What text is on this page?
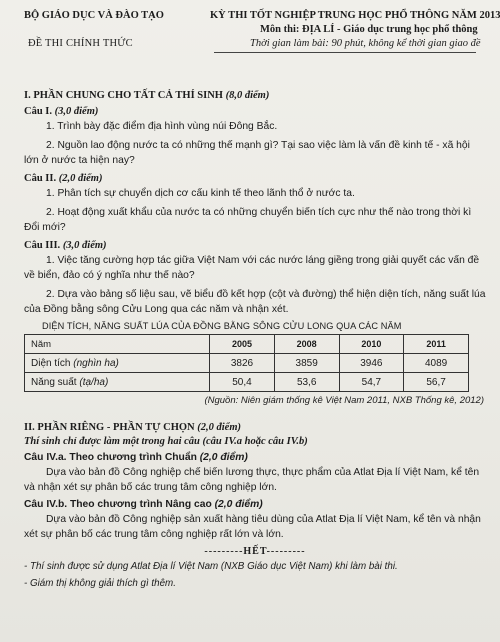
BỘ GIÁO DỤC VÀ ĐÀO TẠO
ĐỀ THI CHÍNH THỨC
KỲ THI TỐT NGHIỆP TRUNG HỌC PHỔ THÔNG NĂM 2013
Môn thi: ĐỊA LÍ - Giáo dục trung học phổ thông
Thời gian làm bài: 90 phút, không kể thời gian giao đề
I. PHẦN CHUNG CHO TẤT CẢ THÍ SINH (8,0 điểm)
Câu I. (3,0 điểm)
1. Trình bày đặc điểm địa hình vùng núi Đông Bắc.
2. Nguồn lao động nước ta có những thế mạnh gì? Tại sao việc làm là vấn đề kinh tế - xã hội lớn ở nước ta hiện nay?
Câu II. (2,0 điểm)
1. Phân tích sự chuyển dịch cơ cấu kinh tế theo lãnh thổ ở nước ta.
2. Hoạt động xuất khẩu của nước ta có những chuyển biến tích cực như thế nào trong thời kì Đổi mới?
Câu III. (3,0 điểm)
1. Việc tăng cường hợp tác giữa Việt Nam với các nước láng giềng trong giải quyết các vấn đề về biển, đảo có ý nghĩa như thế nào?
2. Dựa vào bảng số liệu sau, vẽ biểu đồ kết hợp (cột và đường) thể hiện diện tích, năng suất lúa của Đồng bằng sông Cửu Long qua các năm và nhận xét.
DIỆN TÍCH, NĂNG SUẤT LÚA CỦA ĐỒNG BẰNG SÔNG CỬU LONG QUA CÁC NĂM
Năm	2005	2008	2010	2011
Diện tích (nghìn ha)	3826	3859	3946	4089
Năng suất (tạ/ha)	50,4	53,6	54,7	56,7
(Nguồn: Niên giám thống kê Việt Nam 2011, NXB Thống kê, 2012)
II. PHẦN RIÊNG - PHẦN TỰ CHỌN (2,0 điểm)
Thí sinh chỉ được làm một trong hai câu (câu IV.a hoặc câu IV.b)
Câu IV.a. Theo chương trình Chuẩn (2,0 điểm)
Dựa vào bản đồ Công nghiệp chế biến lương thực, thực phẩm của Atlat Địa lí Việt Nam, kể tên và nhận xét sự phân bố các trung tâm công nghiệp lớn.
Câu IV.b. Theo chương trình Nâng cao (2,0 điểm)
Dựa vào bản đồ Công nghiệp sản xuất hàng tiêu dùng của Atlat Địa lí Việt Nam, kể tên và nhận xét sự phân bố các trung tâm công nghiệp rất lớn và lớn.
---------HẾT---------
- Thí sinh được sử dụng Atlat Địa lí Việt Nam (NXB Giáo dục Việt Nam) khi làm bài thi.
- Giám thị không giải thích gì thêm.
